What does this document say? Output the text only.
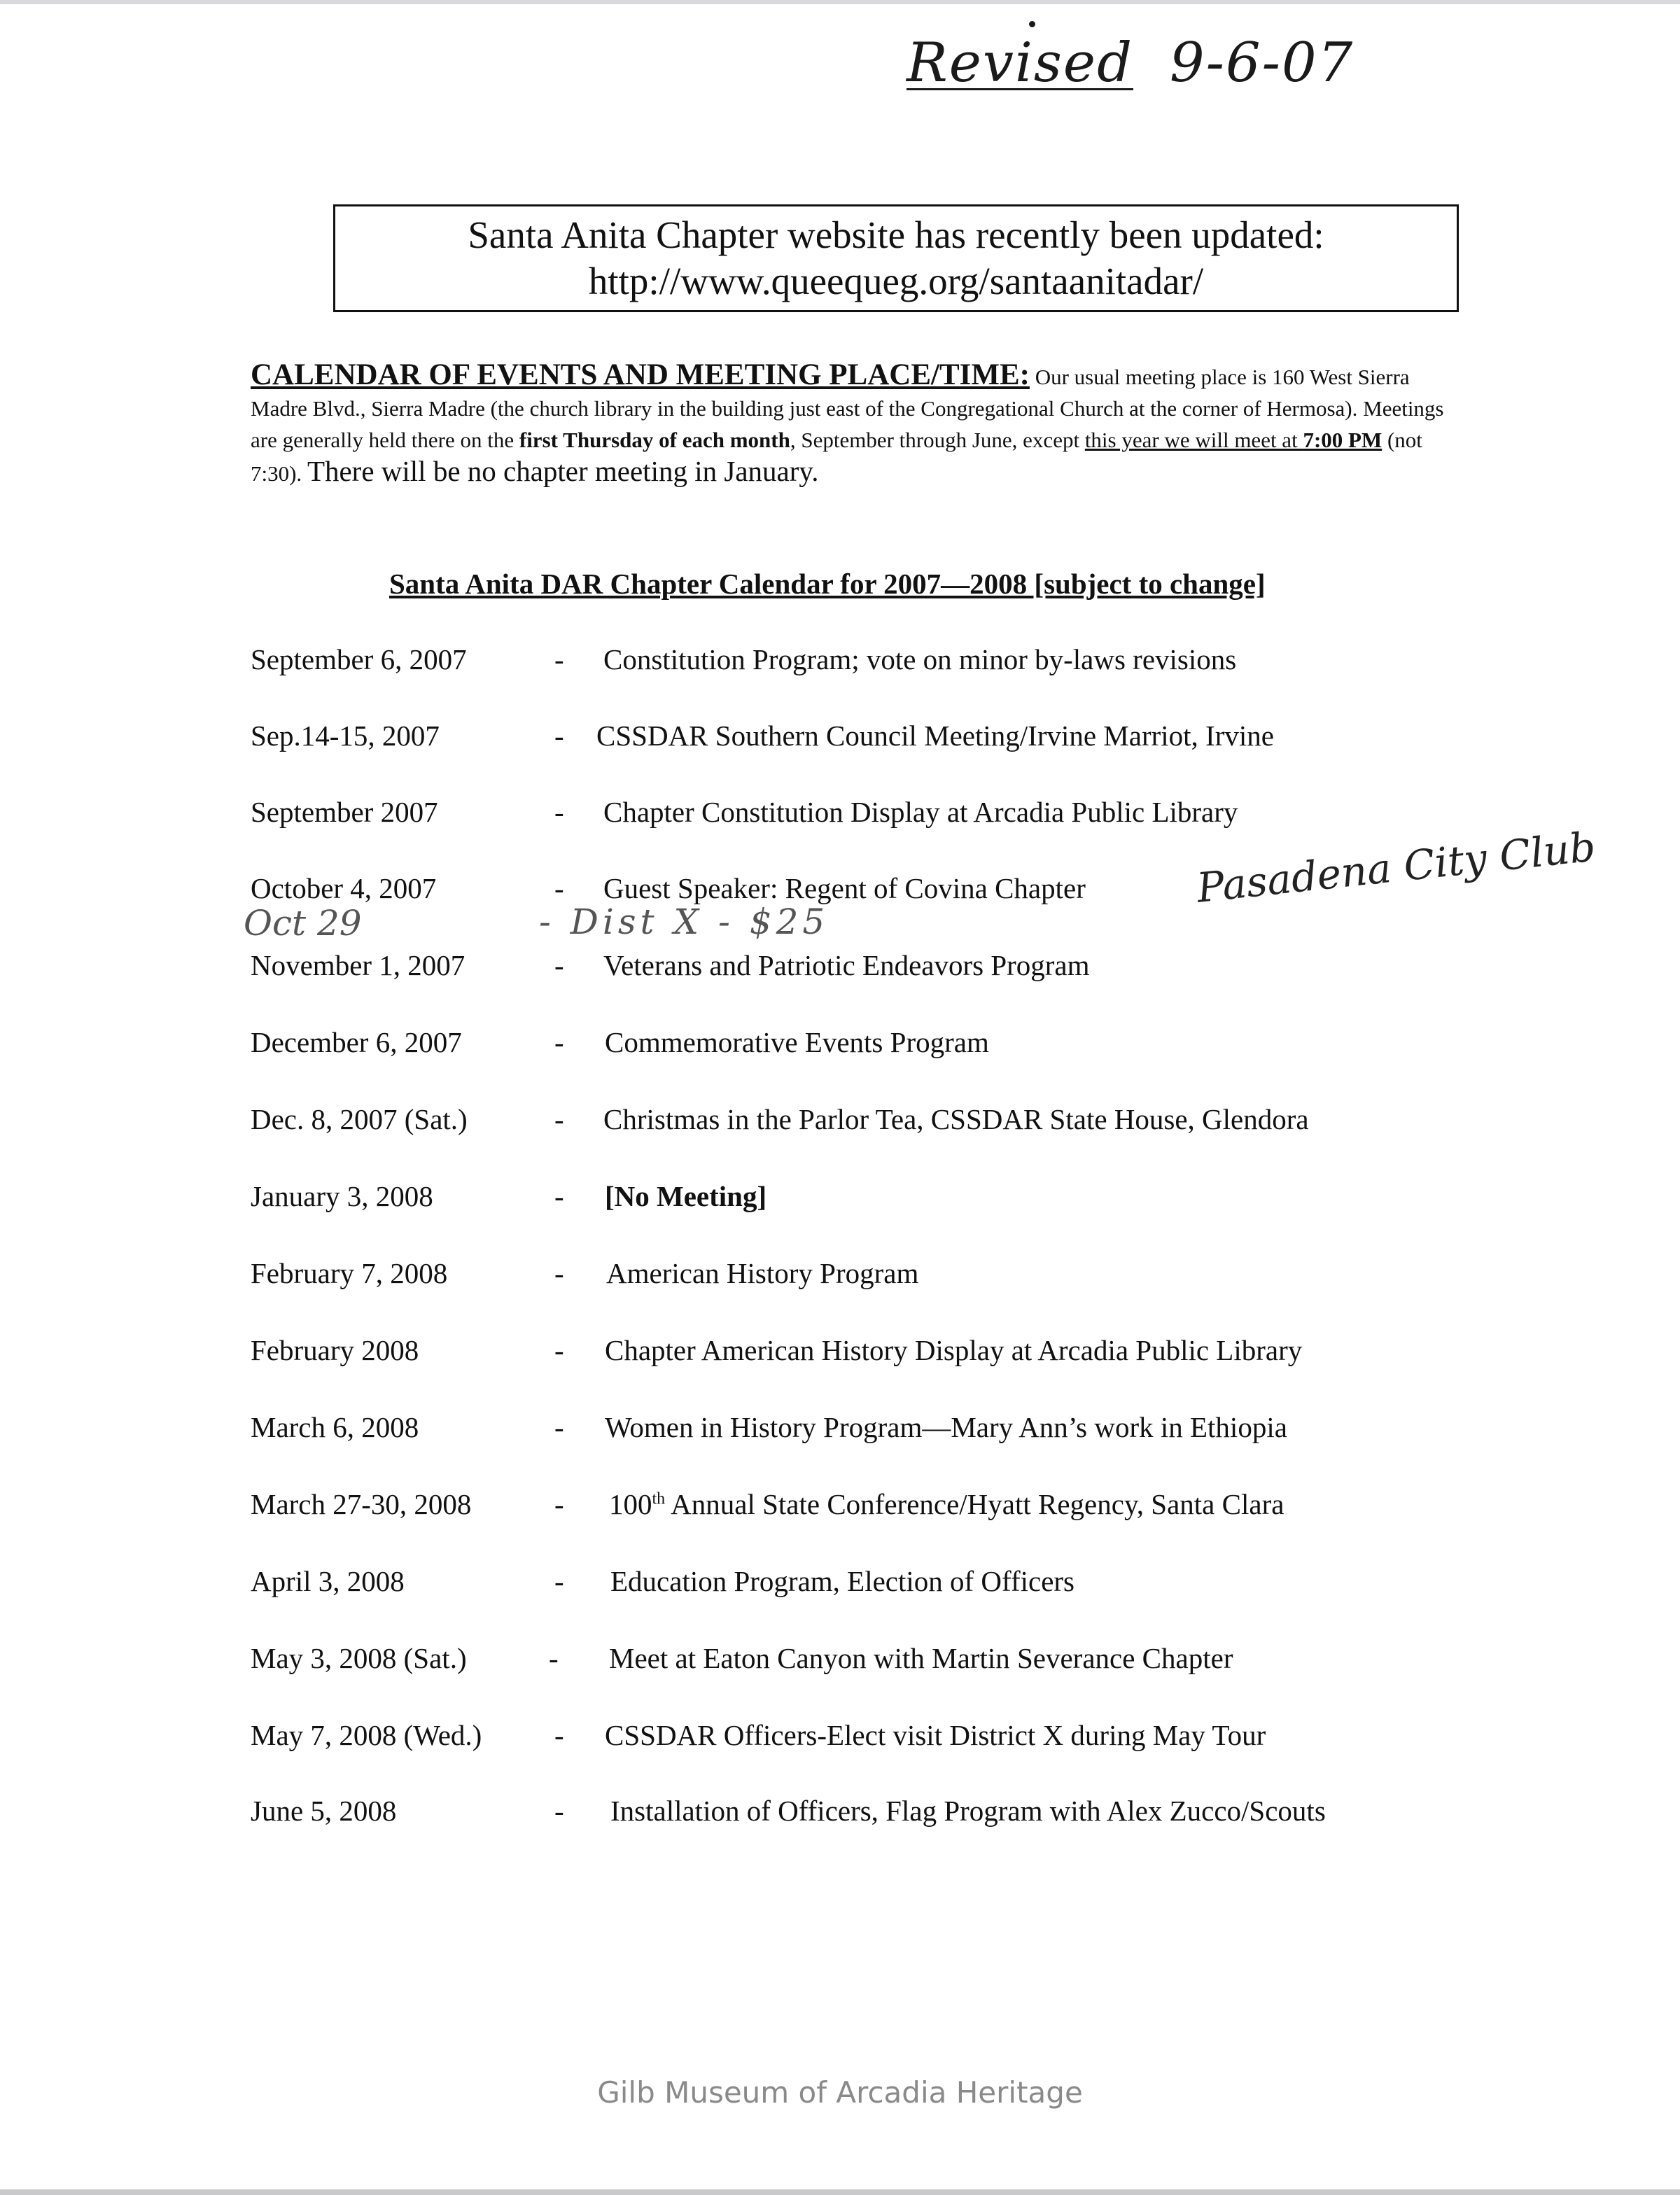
Revised 9-6-07
Santa Anita Chapter website has recently been updated:
http://www.queequeg.org/santaanitadar/
CALENDAR OF EVENTS AND MEETING PLACE/TIME: Our usual meeting place is 160 West Sierra Madre Blvd., Sierra Madre (the church library in the building just east of the Congregational Church at the corner of Hermosa). Meetings are generally held there on the first Thursday of each month, September through June, except this year we will meet at 7:00 PM (not 7:30). There will be no chapter meeting in January.
Santa Anita DAR Chapter Calendar for 2007—2008 [subject to change]
September 6, 2007	- Constitution Program; vote on minor by-laws revisions
Sep.14-15, 2007	- CSSDAR Southern Council Meeting/Irvine Marriot, Irvine
September 2007	- Chapter Constitution Display at Arcadia Public Library
October 4, 2007	- Guest Speaker: Regent of Covina Chapter
November 1, 2007	- Veterans and Patriotic Endeavors Program
December 6, 2007	- Commemorative Events Program
Dec. 8, 2007 (Sat.)	- Christmas in the Parlor Tea, CSSDAR State House, Glendora
January 3, 2008	- [No Meeting]
February 7, 2008	- American History Program
February 2008	- Chapter American History Display at Arcadia Public Library
March 6, 2008	- Women in History Program—Mary Ann’s work in Ethiopia
March 27-30, 2008	- 100th Annual State Conference/Hyatt Regency, Santa Clara
April 3, 2008	- Education Program, Election of Officers
May 3, 2008 (Sat.)	- Meet at Eaton Canyon with Martin Severance Chapter
May 7, 2008 (Wed.)	- CSSDAR Officers-Elect visit District X during May Tour
June 5, 2008	- Installation of Officers, Flag Program with Alex Zucco/Scouts
Oct 29	- Dist X - $25
Pasadena City Club
Gilb Museum of Arcadia Heritage
